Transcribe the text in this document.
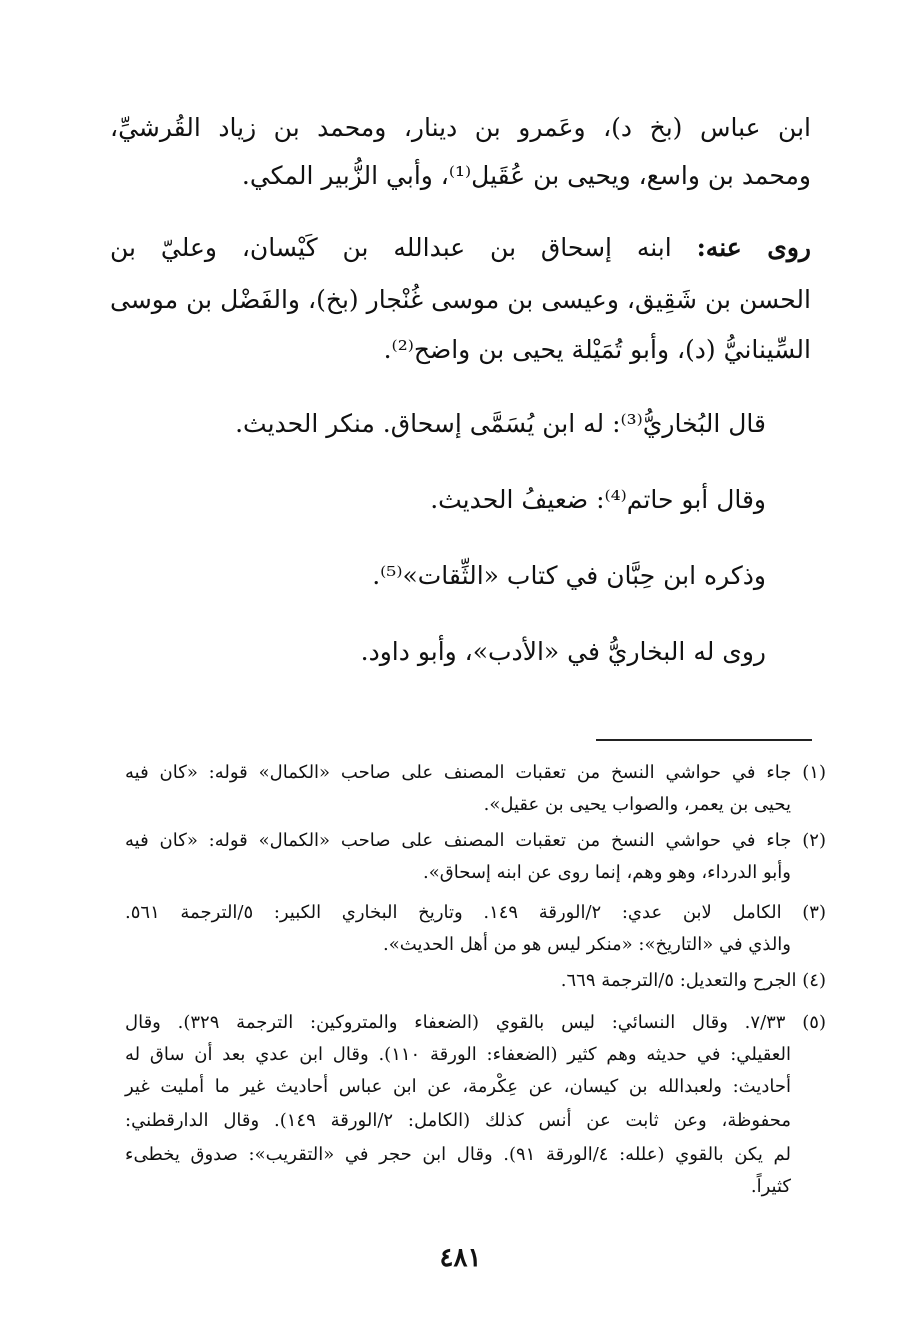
ابن عباس (بخ د)، وعَمرو بن دينار، ومحمد بن زياد القُرشيِّ،
ومحمد بن واسع، ويحيى بن عُقَيل⁽¹⁾، وأبي الزُّبير المكي.
روى عنه: ابنه إسحاق بن عبدالله بن كَيْسان، وعليّ بن
الحسن بن شَقِيق، وعيسى بن موسى غُنْجار (بخ)، والفَضْل بن موسى
السِّينانيُّ (د)، وأبو تُمَيْلة يحيى بن واضح⁽²⁾.
قال البُخاريُّ⁽³⁾: له ابن يُسَمَّى إسحاق. منكر الحديث.
وقال أبو حاتم⁽⁴⁾: ضعيفُ الحديث.
وذكره ابن حِبَّان في كتاب «الثِّقات»⁽⁵⁾.
روى له البخاريُّ في «الأدب»، وأبو داود.
(١) جاء في حواشي النسخ من تعقبات المصنف على صاحب «الكمال» قوله: «كان فيه
يحيى بن يعمر، والصواب يحيى بن عقيل».
(٢) جاء في حواشي النسخ من تعقبات المصنف على صاحب «الكمال» قوله: «كان فيه
وأبو الدرداء، وهو وهم، إنما روى عن ابنه إسحاق».
(٣) الكامل لابن عدي: ٢/الورقة ١٤٩. وتاريخ البخاري الكبير: ٥/الترجمة ٥٦١.
والذي في «التاريخ»: «منكر ليس هو من أهل الحديث».
(٤) الجرح والتعديل: ٥/الترجمة ٦٦٩.
(٥) ٧/٣٣. وقال النسائي: ليس بالقوي (الضعفاء والمتروكين: الترجمة ٣٢٩). وقال
العقيلي: في حديثه وهم كثير (الضعفاء: الورقة ١١٠). وقال ابن عدي بعد أن ساق له
أحاديث: ولعبدالله بن كيسان، عن عِكْرمة، عن ابن عباس أحاديث غير ما أمليت غير
محفوظة، وعن ثابت عن أنس كذلك (الكامل: ٢/الورقة ١٤٩). وقال الدارقطني:
لم يكن بالقوي (علله: ٤/الورقة ٩١). وقال ابن حجر في «التقريب»: صدوق يخطىء
كثيراً.
٤٨١
